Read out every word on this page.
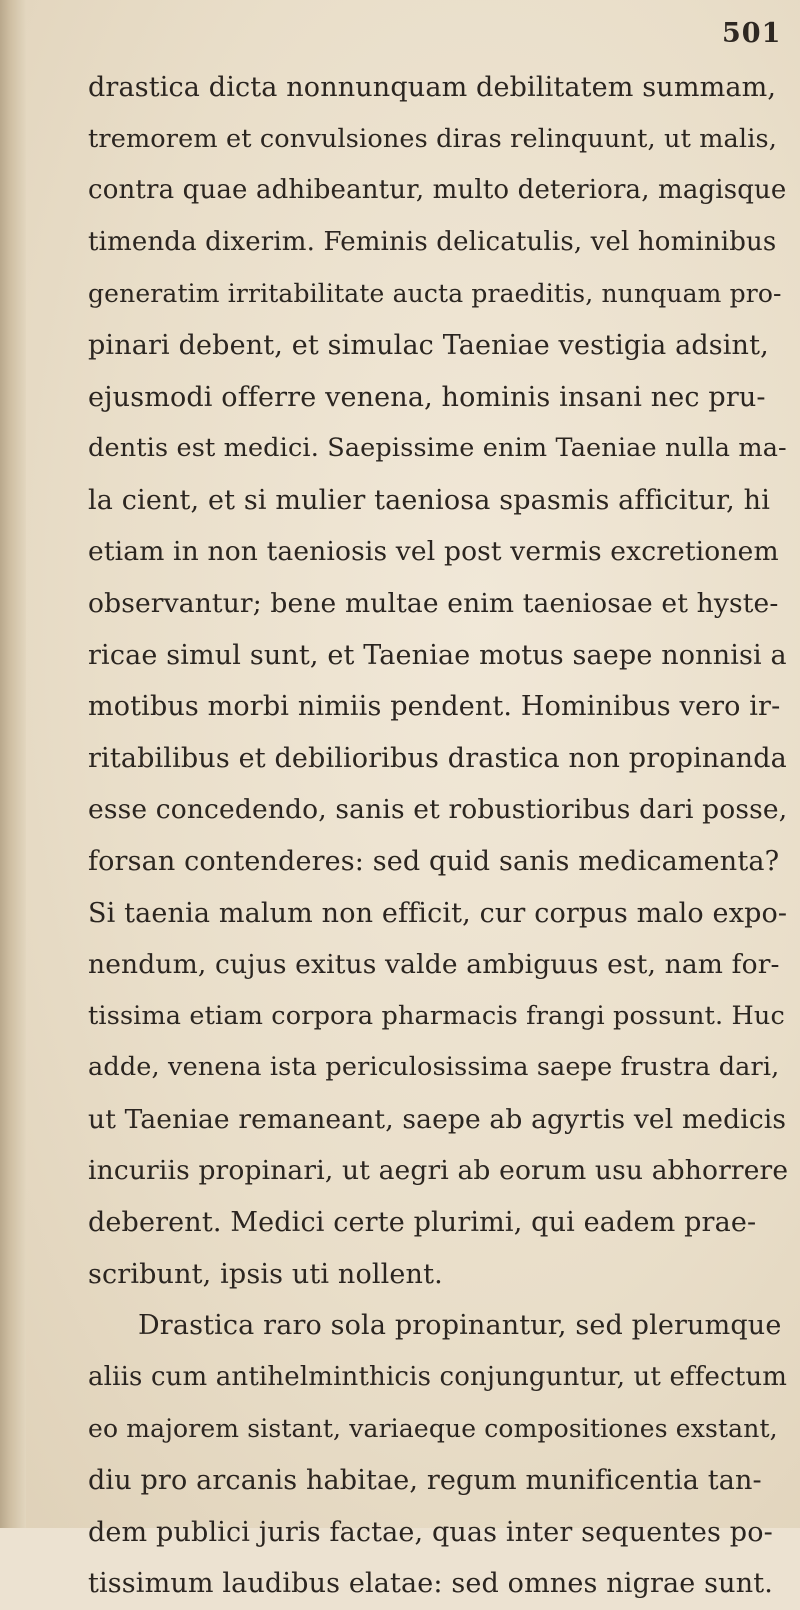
501
drastica dicta nonnunquam debilitatem summam,
tremorem et convulsiones diras relinquunt, ut malis,
contra quae adhibeantur, multo deteriora, magisque
timenda dixerim. Feminis delicatulis, vel hominibus
generatim irritabilitate aucta praeditis, nunquam pro-
pinari debent, et simulac Taeniae vestigia adsint,
ejusmodi offerre venena, hominis insani nec pru-
dentis est medici. Saepissime enim Taeniae nulla ma-
la cient, et si mulier taeniosa spasmis afficitur, hi
etiam in non taeniosis vel post vermis excretionem
observantur; bene multae enim taeniosae et hyste-
ricae simul sunt, et Taeniae motus saepe nonnisi a
motibus morbi nimiis pendent. Hominibus vero ir-
ritabilibus et debilioribus drastica non propinanda
esse concedendo, sanis et robustioribus dari posse,
forsan contenderes: sed quid sanis medicamenta?
Si taenia malum non efficit, cur corpus malo expo-
nendum, cujus exitus valde ambiguus est, nam for-
tissima etiam corpora pharmacis frangi possunt. Huc
adde, venena ista periculosissima saepe frustra dari,
ut Taeniae remaneant, saepe ab agyrtis vel medicis
incuriis propinari, ut aegri ab eorum usu abhorrere
deberent. Medici certe plurimi, qui eadem prae-
scribunt, ipsis uti nollent.
Drastica raro sola propinantur, sed plerumque
aliis cum antihelminthicis conjunguntur, ut effectum
eo majorem sistant, variaeque compositiones exstant,
diu pro arcanis habitae, regum munificentia tan-
dem publici juris factae, quas inter sequentes po-
tissimum laudibus elatae: sed omnes nigrae sunt.
